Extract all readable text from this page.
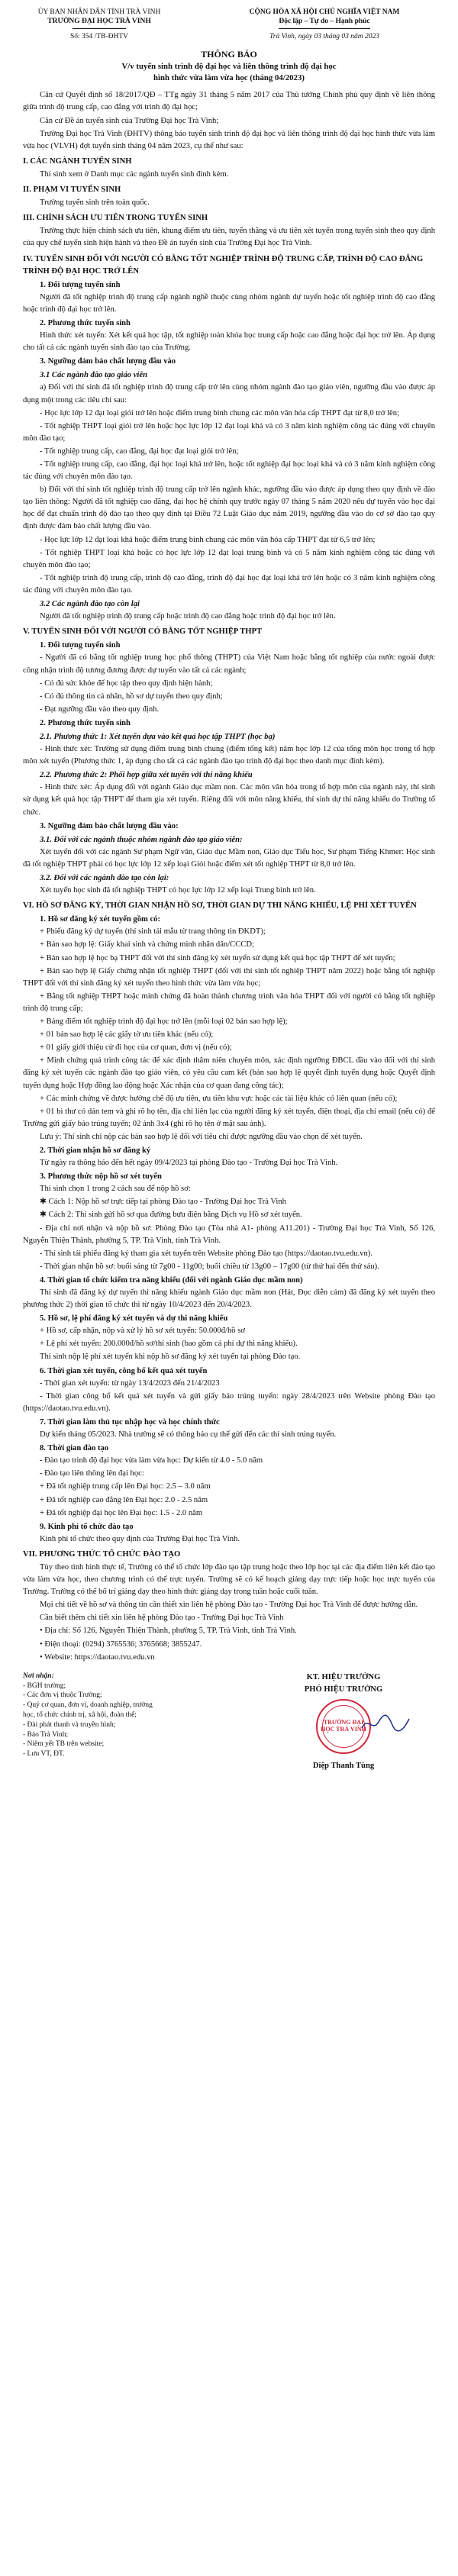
ỦY BAN NHÂN DÂN TỈNH TRÀ VINH
TRƯỜNG ĐẠI HỌC TRÀ VINH
Số: 354 /TB-ĐHTV
CỘNG HÒA XÃ HỘI CHỦ NGHĨA VIỆT NAM
Độc lập – Tự do – Hạnh phúc
Trà Vinh, ngày 03 tháng 03 năm 2023
THÔNG BÁO
V/v tuyển sinh trình độ đại học và liên thông trình độ đại học
hình thức vừa làm vừa học (tháng 04/2023)
Căn cứ Quyết định số 18/2017/QĐ – TTg ngày 31 tháng 5 năm 2017 của Thủ tướng Chính phủ quy định về liên thông giữa trình độ trung cấp, cao đẳng với trình độ đại học;
Căn cứ Đề án tuyển sinh của Trường Đại học Trà Vinh;
Trường Đại học Trà Vinh (ĐHTV) thông báo tuyển sinh trình độ đại học và liên thông trình độ đại học hình thức vừa làm vừa học (VLVH) đợt tuyển sinh tháng 04 năm 2023, cụ thể như sau:
I. CÁC NGÀNH TUYỂN SINH
Thí sinh xem ở Danh mục các ngành tuyển sinh đính kèm.
II. PHẠM VI TUYỂN SINH
Trường tuyển sinh trên toàn quốc.
III. CHÍNH SÁCH ƯU TIÊN TRONG TUYỂN SINH
Trường thực hiện chính sách ưu tiên, khung điểm ưu tiên, tuyển thẳng và ưu tiên xét tuyển trong tuyển sinh theo quy định của quy chế tuyển sinh hiện hành và theo Đề án tuyển sinh của Trường Đại học Trà Vinh.
IV. TUYỂN SINH ĐỐI VỚI NGƯỜI CÓ BẰNG TỐT NGHIỆP TRÌNH ĐỘ TRUNG CẤP, TRÌNH ĐỘ CAO ĐẲNG TRÌNH ĐỘ ĐẠI HỌC TRỞ LÊN
1. Đối tượng tuyển sinh
Người đã tốt nghiệp trình độ trung cấp ngành nghề thuộc cùng nhóm ngành dự tuyển hoặc tốt nghiệp trình độ cao đẳng hoặc trình độ đại học trở lên.
2. Phương thức tuyển sinh
Hình thức xét tuyển: Xét kết quả học tập, tốt nghiệp toàn khóa học trung cấp hoặc cao đẳng hoặc đại học trở lên. Áp dụng cho tất cả các ngành tuyển sinh đào tạo của Trường.
3. Ngưỡng đảm bảo chất lượng đầu vào
3.1 Các ngành đào tạo giáo viên
a) Đối với thí sinh đã tốt nghiệp trình độ trung cấp trở lên cùng nhóm ngành đào tạo giáo viên, ngưỡng đầu vào được áp dụng một trong các tiêu chí sau:
- Học lực lớp 12 đạt loại giỏi trở lên hoặc điểm trung bình chung các môn văn hóa cấp THPT đạt từ 8,0 trở lên;
- Tốt nghiệp THPT loại giỏi trở lên hoặc học lực lớp 12 đạt loại khá và có 3 năm kinh nghiệm công tác đúng với chuyên môn đào tạo;
- Tốt nghiệp trung cấp, cao đẳng, đại học đạt loại giỏi trở lên;
- Tốt nghiệp trung cấp, cao đẳng, đại học loại khá trở lên, hoặc tốt nghiệp đại học loại khá và có 3 năm kinh nghiệm công tác đúng với chuyên môn đào tạo.
b) Đối với thí sinh tốt nghiệp trình độ trung cấp trở lên ngành khác, ngưỡng đầu vào được áp dụng theo quy định về đào tạo liên thông: Người đã tốt nghiệp cao đẳng, đại học hệ chính quy trước ngày 07 tháng 5 năm 2020 nếu dự tuyển vào học đại học để đạt chuẩn trình độ đào tạo theo quy định tại Điều 72 Luật Giáo dục năm 2019, ngưỡng đầu vào do cơ sở đào tạo quy định được đảm bảo chất lượng đầu vào.
- Học lực lớp 12 đạt loại khá hoặc điểm trung bình chung các môn văn hóa cấp THPT đạt từ 6,5 trở lên;
- Tốt nghiệp THPT loại khá hoặc có học lực lớp 12 đạt loại trung bình và có 5 năm kinh nghiệm công tác đúng với chuyên môn đào tạo;
- Tốt nghiệp trình độ trung cấp, trình độ cao đẳng, trình độ đại học đạt loại khá trở lên hoặc có 3 năm kinh nghiệm công tác đúng với chuyên môn đào tạo.
3.2 Các ngành đào tạo còn lại
Người đã tốt nghiệp trình độ trung cấp hoặc trình độ cao đẳng hoặc trình độ đại học trở lên.
V. TUYỂN SINH ĐỐI VỚI NGƯỜI CÓ BẰNG TỐT NGHIỆP THPT
1. Đối tượng tuyển sinh
- Người đã có bằng tốt nghiệp trung học phổ thông (THPT) của Việt Nam hoặc bằng tốt nghiệp của nước ngoài được công nhận trình độ tương đương được dự tuyển vào tất cả các ngành;
- Có đủ sức khỏe để học tập theo quy định hiện hành;
- Có đủ thông tin cá nhân, hồ sơ dự tuyển theo quy định;
- Đạt ngưỡng đầu vào theo quy định.
2. Phương thức tuyển sinh
2.1. Phương thức 1: Xét tuyển dựa vào kết quả học tập THPT (học bạ)
- Hình thức xét: Trường sử dụng điểm trung bình chung (điểm tổng kết) năm học lớp 12 của tổng môn học trong tổ hợp môn xét tuyển (Phương thức 1, áp dụng cho tất cả các ngành đào tạo trình độ đại học theo danh mục đính kèm).
2.2. Phương thức 2: Phối hợp giữa xét tuyển với thi năng khiếu
- Hình thức xét: Áp dụng đối với ngành Giáo dục mầm non. Các môn văn hóa trong tổ hợp môn của ngành này, thí sinh sử dụng kết quả học tập THPT để tham gia xét tuyển. Riêng đối với môn năng khiếu, thí sinh dự thi năng khiếu do Trường tổ chức.
3. Ngưỡng đảm bảo chất lượng đầu vào:
3.1. Đối với các ngành thuộc nhóm ngành đào tạo giáo viên:
Xét tuyển đối với các ngành Sư phạm Ngữ văn, Giáo dục Mầm non, Giáo dục Tiểu học, Sư phạm Tiếng Khmer: Học sinh đã tốt nghiệp THPT phải có học lực lớp 12 xếp loại Giỏi hoặc điểm xét tốt nghiệp THPT từ 8,0 trở lên.
3.2. Đối với các ngành đào tạo còn lại:
Xét tuyển học sinh đã tốt nghiệp THPT có học lực lớp 12 xếp loại Trung bình trở lên.
VI. HỒ SƠ ĐĂNG KÝ, THỜI GIAN NHẬN HỒ SƠ, THỜI GIAN DỰ THI NĂNG KHIẾU, LỆ PHÍ XÉT TUYỂN
1. Hồ sơ đăng ký xét tuyển gồm có:
+ Phiếu đăng ký dự tuyển (thí sinh tải mẫu từ trang thông tin ĐKDT);
+ Bản sao hợp lệ: Giấy khai sinh và chứng minh nhân dân/CCCD;
+ Bản sao hợp lệ học bạ THPT đối với thí sinh đăng ký xét tuyển sử dụng kết quả học tập THPT để xét tuyển;
+ Bản sao hợp lệ Giấy chứng nhận tốt nghiệp THPT (đối với thí sinh tốt nghiệp THPT năm 2022) hoặc bằng tốt nghiệp THPT đối với thí sinh đăng ký xét tuyển theo hình thức vừa làm vừa học;
+ Bằng tốt nghiệp THPT hoặc minh chứng đã hoàn thành chương trình văn hóa THPT đối với người có bằng tốt nghiệp trình độ trung cấp;
+ Bảng điểm tốt nghiệp trình độ đại học trở lên (mỗi loại 02 bản sao hợp lệ);
+ 01 bản sao hợp lệ các giấy tờ ưu tiên khác (nếu có);
+ 01 giấy giới thiệu cử đi học của cơ quan, đơn vị (nếu có);
+ Minh chứng quá trình công tác để xác định thâm niên chuyên môn, xác định ngưỡng ĐBCL đầu vào đối với thí sinh đăng ký xét tuyển các ngành đào tạo giáo viên, có yêu cầu cam kết (bản sao hợp lệ quyết định tuyển dụng hoặc Quyết định tuyển dụng hoặc Hợp đồng lao động hoặc Xác nhận của cơ quan đang công tác);
+ Các minh chứng về được hưởng chế độ ưu tiên, ưu tiên khu vực hoặc các tài liệu khác có liên quan (nếu có);
+ 01 bì thư có dán tem và ghi rõ họ tên, địa chỉ liên lạc của người đăng ký xét tuyển, điện thoại, địa chỉ email (nếu có) để Trường gửi giấy báo trúng tuyển; 02 ảnh 3x4 (ghi rõ họ tên ở mặt sau ảnh).
Lưu ý: Thí sinh chỉ nộp các bản sao hợp lệ đối với tiêu chí được ngưỡng đầu vào chọn để xét tuyển.
2. Thời gian nhận hồ sơ đăng ký
Từ ngày ra thông báo đến hết ngày 09/4/2023 tại phòng Đào tạo - Trường Đại học Trà Vinh.
3. Phương thức nộp hồ sơ xét tuyển
Thí sinh chọn 1 trong 2 cách sau để nộp hồ sơ:
✱ Cách 1: Nộp hồ sơ trực tiếp tại phòng Đào tạo - Trường Đại học Trà Vinh
✱ Cách 2: Thí sinh gửi hồ sơ qua đường bưu điện bằng Dịch vụ Hồ sơ xét tuyển.
- Địa chỉ nơi nhận và nộp hồ sơ: Phòng Đào tạo (Tòa nhà A1- phòng A11.201) - Trường Đại học Trà Vinh, Số 126, Nguyễn Thiện Thành, phường 5, TP. Trà Vinh, tỉnh Trà Vinh.
- Thí sinh tải phiếu đăng ký tham gia xét tuyển trên Website phòng Đào tạo (https://daotao.tvu.edu.vn).
- Thời gian nhận hồ sơ: buổi sáng từ 7g00 - 11g00; buổi chiều từ 13g00 – 17g00 (từ thứ hai đến thứ sáu).
4. Thời gian tổ chức kiểm tra năng khiếu (đối với ngành Giáo dục mầm non)
Thí sinh đã đăng ký dự tuyển thi năng khiếu ngành Giáo dục mầm non (Hát, Đọc diễn cảm) đã đăng ký xét tuyển theo phương thức 2) thời gian tổ chức thi từ ngày 10/4/2023 đến 20/4/2023.
5. Hồ sơ, lệ phí đăng ký xét tuyển và dự thi năng khiếu
+ Hồ sơ, cấp nhận, nộp và xử lý hồ sơ xét tuyển: 50.000đ/hồ sơ
+ Lệ phí xét tuyển: 200.000đ/hồ sơ/thí sinh (bao gồm cả phí dự thi năng khiếu).
Thí sinh nộp lệ phí xét tuyển khi nộp hồ sơ đăng ký xét tuyển tại phòng Đào tạo.
6. Thời gian xét tuyển, công bố kết quả xét tuyển
- Thời gian xét tuyển: từ ngày 13/4/2023 đến 21/4/2023
- Thời gian công bố kết quả xét tuyển và gửi giấy báo trúng tuyển: ngày 28/4/2023 trên Website phòng Đào tạo (https://daotao.tvu.edu.vn).
7. Thời gian làm thủ tục nhập học và học chính thức
Dự kiến tháng 05/2023. Nhà trường sẽ có thông báo cụ thể gửi đến các thí sinh trúng tuyển.
8. Thời gian đào tạo
- Đào tạo trình độ đại học vừa làm vừa học: Dự kiến từ 4.0 - 5.0 năm
- Đào tạo liên thông lên đại học:
+ Đã tốt nghiệp trung cấp lên Đại học: 2.5 – 3.0 năm
+ Đã tốt nghiệp cao đẳng lên Đại học: 2.0 - 2.5 năm
+ Đã tốt nghiệp đại học lên Đại học: 1.5 - 2.0 năm
9. Kinh phí tổ chức đào tạo
Kinh phí tổ chức theo quy định của Trường Đại học Trà Vinh.
VII. PHƯƠNG THỨC TỔ CHỨC ĐÀO TẠO
Tùy theo tình hình thực tế, Trường có thể tổ chức lớp đào tạo tập trung hoặc theo lớp học tại các địa điểm liên kết đào tạo vừa làm vừa học, theo chương trình có thể trực tuyến. Trường sẽ có kế hoạch giảng dạy trực tiếp hoặc học trực tuyến của Trường. Trường có thể bố trí giảng dạy theo hình thức giảng dạy trong tuần hoặc cuối tuần.
Mọi chi tiết về hồ sơ và thông tin cần thiết xin liên hệ phòng Đào tạo - Trường Đại học Trà Vinh để được hướng dẫn.
Cần biết thêm chi tiết xin liên hệ phòng Đào tạo - Trường Đại học Trà Vinh
• Địa chỉ: Số 126, Nguyễn Thiện Thành, phường 5, TP. Trà Vinh, tỉnh Trà Vinh.
• Điện thoại: (0294) 3765536; 3765668; 3855247.
• Website: https://daotao.tvu.edu.vn
Nơi nhận:
- BGH trường;
- Các đơn vị thuộc Trường;
- Quý cơ quan, đơn vị, doanh nghiệp, trường học, tổ chức chính trị, xã hội, đoàn thể;
- Đài phát thanh và truyền hình;
- Báo Trà Vinh;
- Niêm yết TB trên website;
- Lưu VT, ĐT.
KT. HIỆU TRƯỞNG
PHÓ HIỆU TRƯỞNG
TRƯỜNG ĐẠI HỌC TRÀ VINH
Diệp Thanh Tùng
